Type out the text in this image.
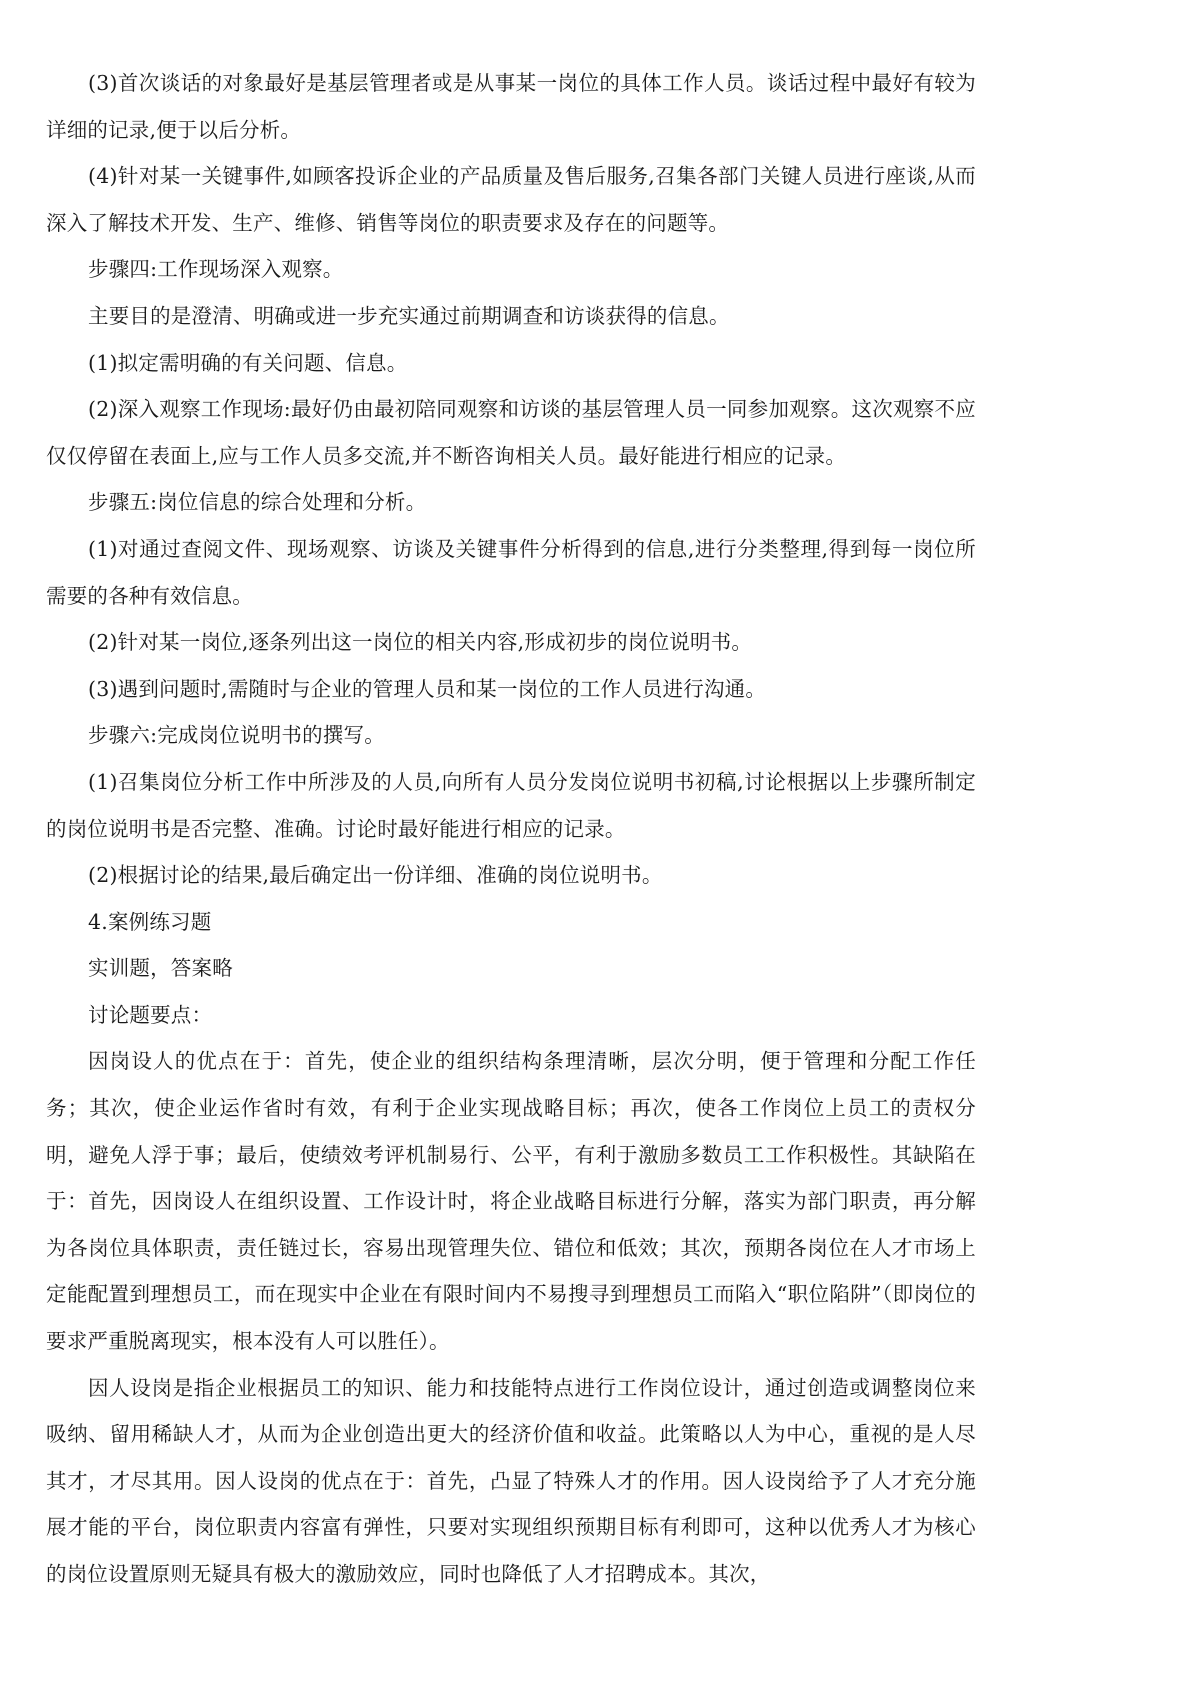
(3)首次谈话的对象最好是基层管理者或是从事某一岗位的具体工作人员。谈话过程中最好有较为详细的记录,便于以后分析。

(4)针对某一关键事件,如顾客投诉企业的产品质量及售后服务,召集各部门关键人员进行座谈,从而深入了解技术开发、生产、维修、销售等岗位的职责要求及存在的问题等。

步骤四:工作现场深入观察。

主要目的是澄清、明确或进一步充实通过前期调查和访谈获得的信息。

(1)拟定需明确的有关问题、信息。

(2)深入观察工作现场:最好仍由最初陪同观察和访谈的基层管理人员一同参加观察。这次观察不应仅仅停留在表面上,应与工作人员多交流,并不断咨询相关人员。最好能进行相应的记录。

步骤五:岗位信息的综合处理和分析。

(1)对通过查阅文件、现场观察、访谈及关键事件分析得到的信息,进行分类整理,得到每一岗位所需要的各种有效信息。

(2)针对某一岗位,逐条列出这一岗位的相关内容,形成初步的岗位说明书。

(3)遇到问题时,需随时与企业的管理人员和某一岗位的工作人员进行沟通。

步骤六:完成岗位说明书的撰写。

(1)召集岗位分析工作中所涉及的人员,向所有人员分发岗位说明书初稿,讨论根据以上步骤所制定的岗位说明书是否完整、准确。讨论时最好能进行相应的记录。

(2)根据讨论的结果,最后确定出一份详细、准确的岗位说明书。

4.案例练习题

实训题，答案略

讨论题要点：

因岗设人的优点在于：首先，使企业的组织结构条理清晰，层次分明，便于管理和分配工作任务；其次，使企业运作省时有效，有利于企业实现战略目标；再次，使各工作岗位上员工的责权分明，避免人浮于事；最后，使绩效考评机制易行、公平，有利于激励多数员工工作积极性。其缺陷在于：首先，因岗设人在组织设置、工作设计时，将企业战略目标进行分解，落实为部门职责，再分解为各岗位具体职责，责任链过长，容易出现管理失位、错位和低效；其次，预期各岗位在人才市场上定能配置到理想员工，而在现实中企业在有限时间内不易搜寻到理想员工而陷入“职位陷阱”（即岗位的要求严重脱离现实，根本没有人可以胜任）。

因人设岗是指企业根据员工的知识、能力和技能特点进行工作岗位设计，通过创造或调整岗位来吸纳、留用稀缺人才，从而为企业创造出更大的经济价值和收益。此策略以人为中心，重视的是人尽其才，才尽其用。因人设岗的优点在于：首先，凸显了特殊人才的作用。因人设岗给予了人才充分施展才能的平台，岗位职责内容富有弹性，只要对实现组织预期目标有利即可，这种以优秀人才为核心的岗位设置原则无疑具有极大的激励效应，同时也降低了人才招聘成本。其次，
